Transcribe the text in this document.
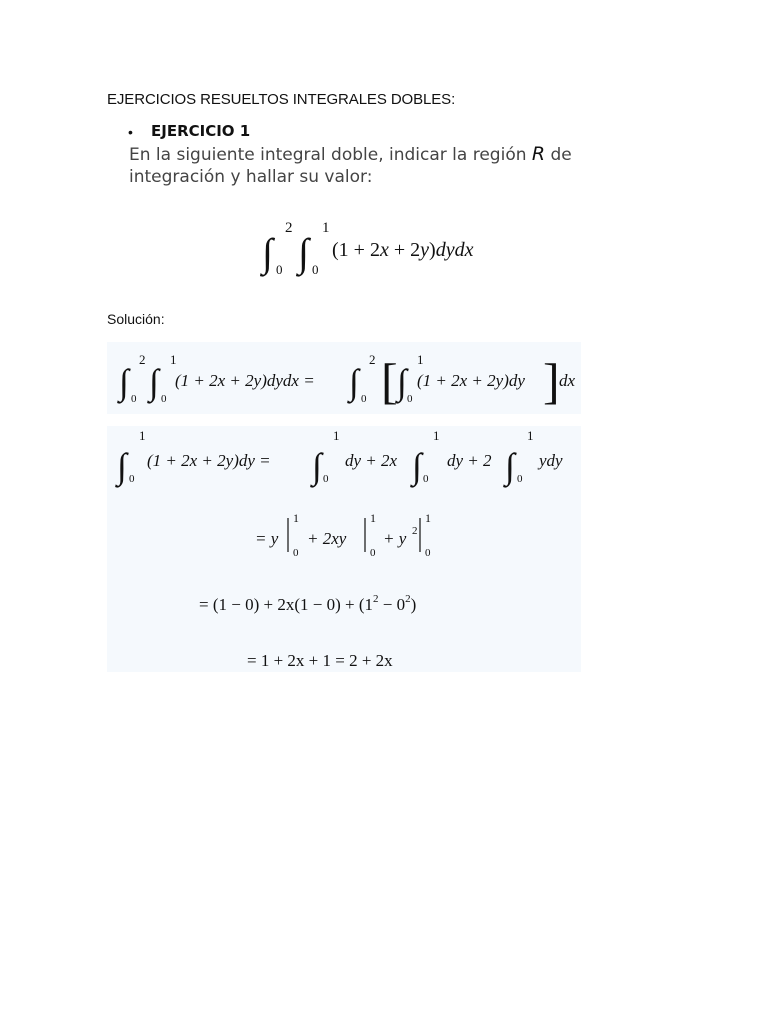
EJERCICIOS RESUELTOS INTEGRALES DOBLES:
• EJERCICIO 1
En la siguiente integral doble, indicar la región R de integración y hallar su valor:
∫
2
0 ∫
1
0
(1 + 2x + 2y)dydx
Solución:
∫
2
0 ∫
1
0
(1 + 2x + 2y)dydx = ∫
2
0 [ ∫
1
0
(1 + 2x + 2y)dy ] dx
∫
1
0
(1 + 2x + 2y)dy = ∫
1
0
dy + 2x ∫
1
0
dy + 2 ∫
1
0
ydy
= y
1
0
+ 2xy
1
0
+ y 2
1
0
= $(1 - 0) + 2x(1 - 0) + (1^2 - 0^2)$
= 1 + 2x + 1 = 2 + 2x
